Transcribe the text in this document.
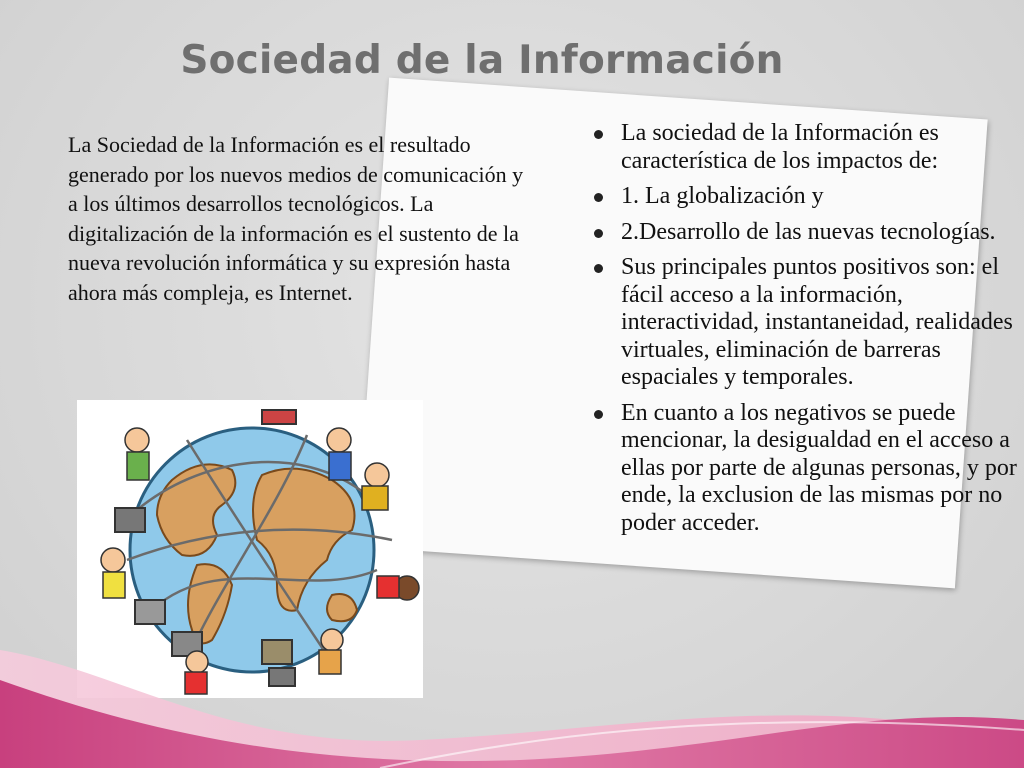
Sociedad de la Información
La Sociedad de la Información es el resultado generado por los nuevos medios de comunicación y a los últimos desarrollos tecnológicos. La digitalización de la información es el sustento de la nueva revolución informática y su expresión hasta ahora más compleja, es Internet.
La sociedad de la Información es característica de los impactos de:
1. La globalización y
2.Desarrollo de las nuevas tecnologías.
Sus principales puntos positivos son: el fácil acceso a la información, interactividad, instantaneidad, realidades virtuales, eliminación de barreras espaciales y temporales.
En cuanto a los negativos se puede mencionar, la desigualdad en el acceso a ellas por parte de algunas personas, y por ende, la exclusion de las mismas por no poder acceder.
